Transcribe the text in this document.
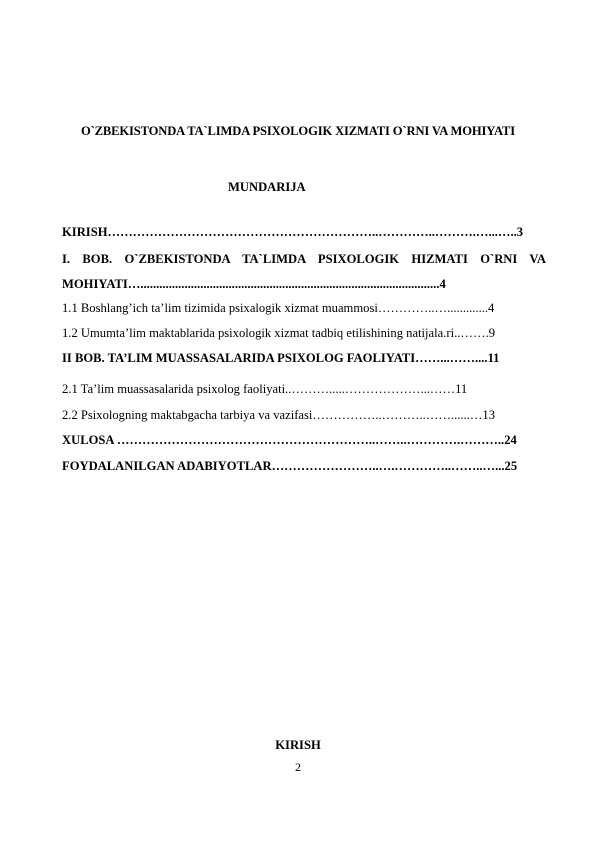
O`ZBEKISTONDA TA`LIMDA PSIXOLOGIK XIZMATI O`RNI VA MOHIYATI
MUNDARIJA
KIRISH………………………………………………………..…………..……….…...…..3
I. BOB. O`ZBEKISTONDA TA`LIMDA PSIXOLOGIK HIZMATI O`RNI VA
MOHIYATI…...............................................................................................4
1.1 Boshlang’ich ta’lim tizimida psixalogik xizmat muammosi…………..….............4
1.2 Umumta’lim maktablarida psixologik xizmat tadbiq etilishining natijala.ri..…….9
II BOB. TA’LIM MUASSASALARIDA PSIXOLOG FAOLIYATI……...……....11
2.1 Ta’lim muassasalarida psixolog faoliyati..……….....………………...……11
2.2 Psixologning maktabgacha tarbiya va vazifasi……………..………..……......…13
XULOSA ……………………………………………………..……..………….………..24
FOYDALANILGAN ADABIYOTLAR……………………..….…………..……..…...25
KIRISH
2
